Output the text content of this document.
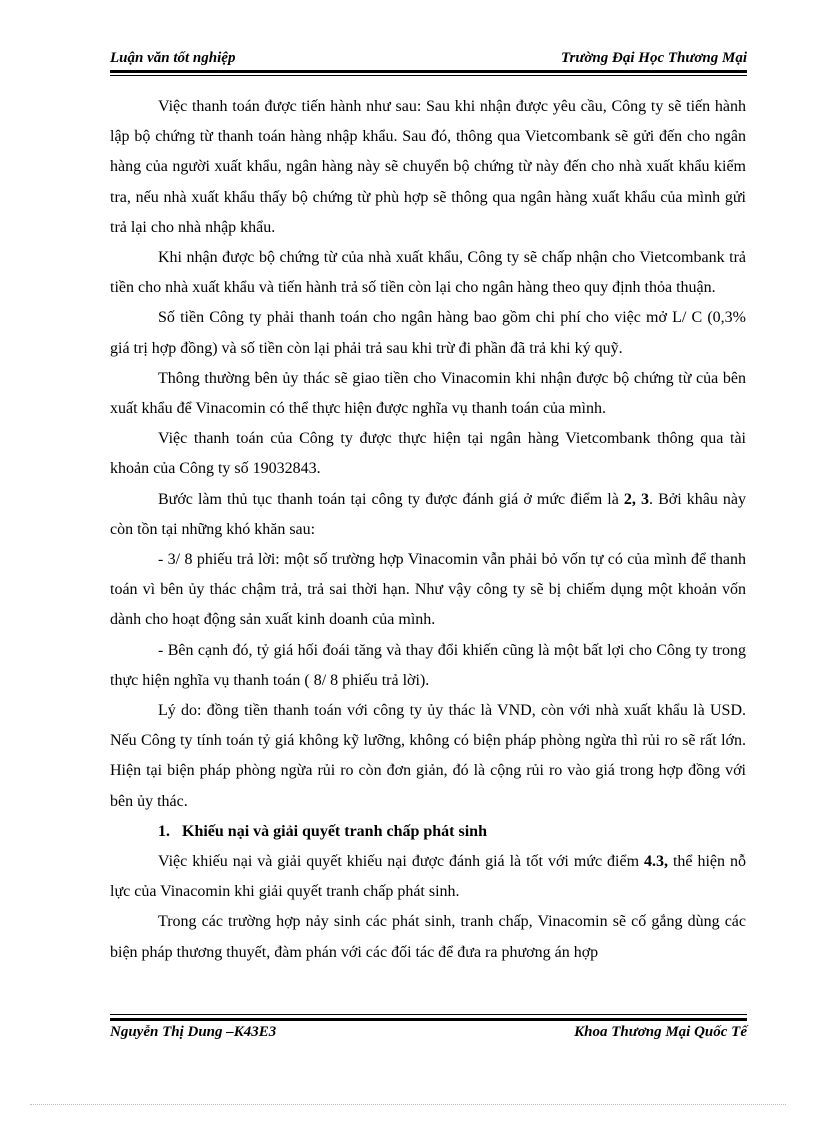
Luận văn tốt nghiệp	Trường Đại Học Thương Mại

Việc thanh toán được tiến hành như sau: Sau khi nhận được yêu cầu, Công ty sẽ tiến hành lập bộ chứng từ thanh toán hàng nhập khẩu. Sau đó, thông qua Vietcombank sẽ gửi đến cho ngân hàng của người xuất khẩu, ngân hàng này sẽ chuyển bộ chứng từ này đến cho nhà xuất khẩu kiểm tra, nếu nhà xuất khẩu thấy bộ chứng từ phù hợp sẽ thông qua ngân hàng xuất khẩu của mình gửi trả lại cho nhà nhập khẩu.

Khi nhận được bộ chứng từ của nhà xuất khẩu, Công ty sẽ chấp nhận cho Vietcombank trả tiền cho nhà xuất khẩu và tiến hành trả số tiền còn lại cho ngân hàng theo quy định thỏa thuận.

Số tiền Công ty phải thanh toán cho ngân hàng bao gồm chi phí cho việc mở L/ C (0,3% giá trị hợp đồng) và số tiền còn lại phải trả sau khi trừ đi phần đã trả khi ký quỹ.

Thông thường bên ủy thác sẽ giao tiền cho Vinacomin khi nhận được bộ chứng từ của bên xuất khẩu để Vinacomin có thể thực hiện được nghĩa vụ thanh toán của mình.

Việc thanh toán của Công ty được thực hiện tại ngân hàng Vietcombank thông qua tài khoản của Công ty số 19032843.

Bước làm thủ tục thanh toán tại công ty được đánh giá ở mức điểm là 2, 3. Bởi khâu này còn tồn tại những khó khăn sau:

- 3/ 8 phiếu trả lời: một số trường hợp Vinacomin vẫn phải bỏ vốn tự có của mình để thanh toán vì bên ủy thác chậm trả, trả sai thời hạn. Như vậy công ty sẽ bị chiếm dụng một khoản vốn dành cho hoạt động sản xuất kinh doanh của mình.

- Bên cạnh đó, tỷ giá hối đoái tăng và thay đổi khiến cũng là một bất lợi cho Công ty trong thực hiện nghĩa vụ thanh toán ( 8/ 8 phiếu trả lời).

Lý do: đồng tiền thanh toán với công ty ủy thác là VND, còn với nhà xuất khẩu là USD. Nếu Công ty tính toán tỷ giá không kỹ lưỡng, không có biện pháp phòng ngừa thì rủi ro sẽ rất lớn. Hiện tại biện pháp phòng ngừa rủi ro còn đơn giản, đó là cộng rủi ro vào giá trong hợp đồng với bên ủy thác.

1. Khiếu nại và giải quyết tranh chấp phát sinh

Việc khiếu nại và giải quyết khiếu nại được đánh giá là tốt với mức điểm 4.3, thể hiện nỗ lực của Vinacomin khi giải quyết tranh chấp phát sinh.

Trong các trường hợp nảy sinh các phát sinh, tranh chấp, Vinacomin sẽ cố gắng dùng các biện pháp thương thuyết, đàm phán với các đối tác để đưa ra phương án hợp

Nguyễn Thị Dung –K43E3	Khoa Thương Mại Quốc Tế
